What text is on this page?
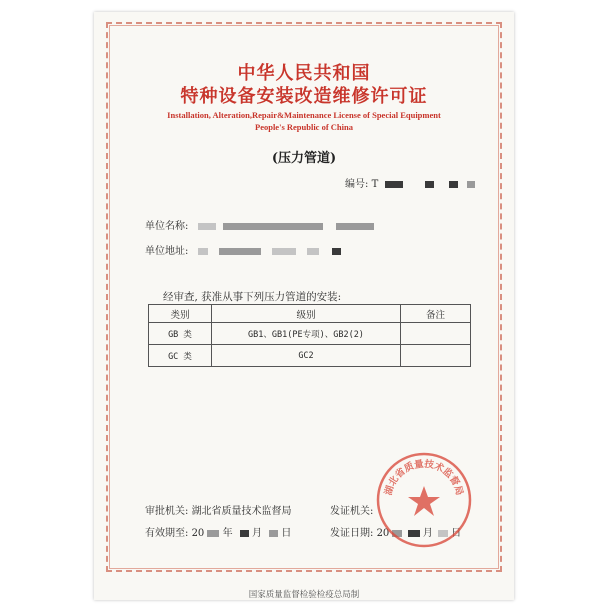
中华人民共和国
特种设备安装改造维修许可证
Installation, Alteration,Repair&Maintenance License of Special Equipment
People's Republic of China
(压力管道)
编号: T
单位名称:
单位地址:
经审查, 获准从事下列压力管道的安装:
类别	级别	备注
GB 类	GB1、GB1(PE专项)、GB2(2)	
GC 类	GC2	
审批机关: 湖北省质量技术监督局	发证机关:
有效期至: 20 年 月 日	发证日期: 20	月 日
湖北省质量技术监督局
国家质量监督检验检疫总局制
